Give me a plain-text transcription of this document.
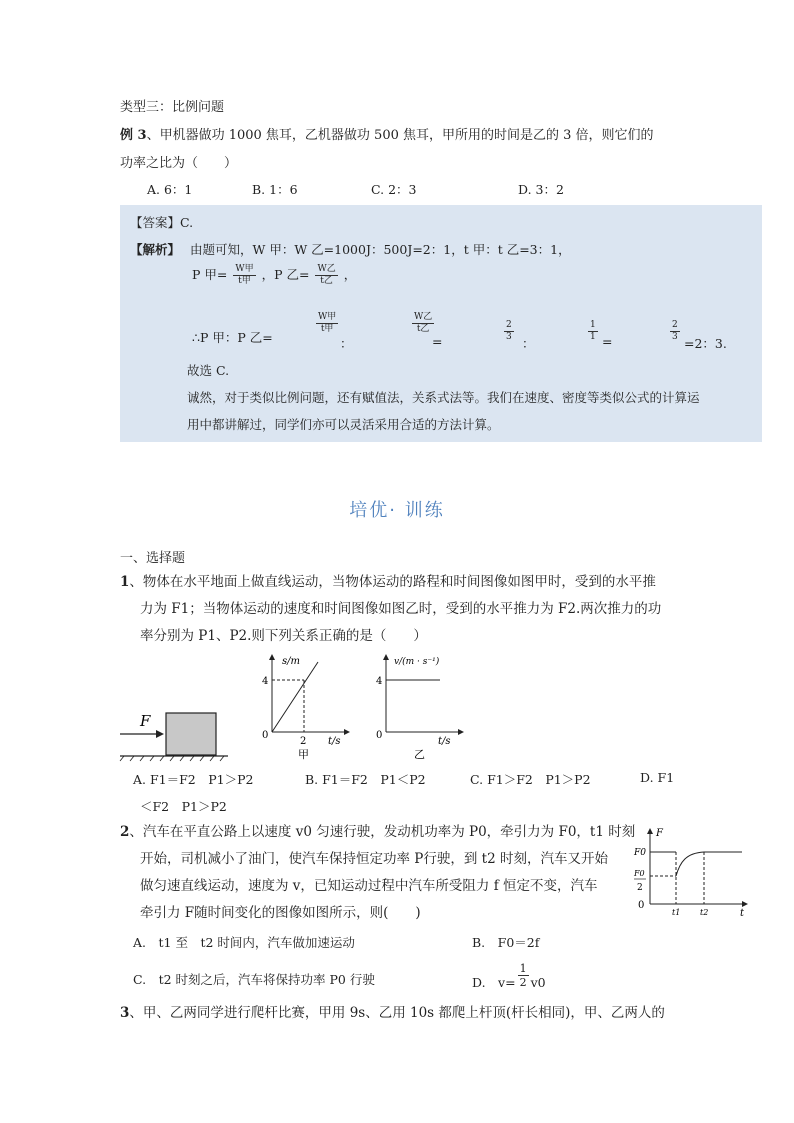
类型三：比例问题
例 3、甲机器做功 1000 焦耳，乙机器做功 500 焦耳，甲所用的时间是乙的 3 倍，则它们的
功率之比为（　　）
A. 6：1	B. 1：6	C. 2：3	D. 3：2
【答案】C.
【解析】 由题可知，W 甲：W 乙=1000J：500J=2：1，t 甲：t 乙=3：1，
P 甲= $\frac{\text{W甲}}{\text{t甲}}$ ，P 乙= $\frac{\text{W乙}}{\text{t乙}}$ ，
∴P 甲：P 乙=
W甲
t甲
：
W乙
t乙
=	$\frac{2}{3}$
：
$\frac{1}{1}$ =	$\frac{2}{3}$
=2：3.
故选 C.
诚然，对于类似比例问题，还有赋值法，关系式法等。我们在速度、密度等类似公式的计算运
用中都讲解过，同学们亦可以灵活采用合适的方法计算。
培优· 训练
一、选择题
1、物体在水平地面上做直线运动，当物体运动的路程和时间图像如图甲时，受到的水平推
力为 F1；当物体运动的速度和时间图像如图乙时，受到的水平推力为 F2.两次推力的功
率分别为 P1、P2.则下列关系正确的是（　　）
F
s/m
4
2
0
t/s
甲
v/(m · s⁻¹)
4
0
t/s
乙
A. F1＝F2　P1＞P2	B. F1＝F2　P1＜P2	C. F1＞F2　P1＞P2	D. F1
＜F2　P1＞P2
2、汽车在平直公路上以速度 v0 匀速行驶，发动机功率为 P0，牵引力为 F0，t1 时刻
开始，司机减小了油门，使汽车保持恒定功率 P行驶，到 t2 时刻，汽车又开始
做匀速直线运动，速度为 v，已知运动过程中汽车所受阻力 f 恒定不变，汽车
牵引力 F随时间变化的图像如图所示，则(　　)
F
F0
F0
2
0
t1 t2	t
A.　t1 至　t2 时间内，汽车做加速运动	B.　F0＝2f
C.　t2 时刻之后，汽车将保持功率 P0 行驶	D.　$v= \frac{1}{2} v0$
3、甲、乙两同学进行爬杆比赛，甲用 9s、乙用 10s 都爬上杆顶(杆长相同)，甲、乙两人的
